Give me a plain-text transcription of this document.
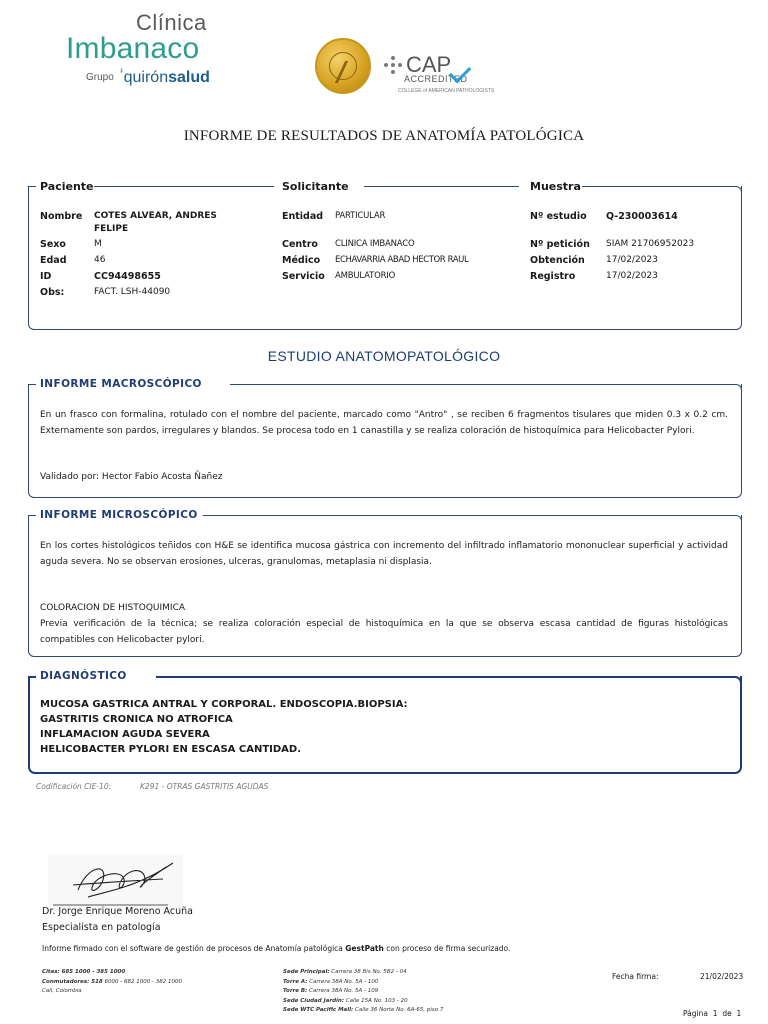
Clínica
Imbanaco
Grupo  ʻquirónsalud
CAP
ACCREDITED
COLLEGE of AMERICAN PATHOLOGISTS
INFORME DE RESULTADOS DE ANATOMÍA PATOLÓGICA
Paciente	Solicitante	Muestra
Nombre COTES ALVEAR, ANDRES
FELIPE
Sexo	M
Edad	46
ID	CC94498655
Obs:	FACT. LSH-44090
Entidad PARTICULAR
Centro CLINICA IMBANACO
Médico ECHAVARRIA ABAD HECTOR RAUL
Servicio AMBULATORIO
Nº estudio Q-230003614
Nº petición SIAM 21706952023
Obtención 17/02/2023
Registro	17/02/2023
ESTUDIO ANATOMOPATOLÓGICO
INFORME MACROSCÓPICO
En un frasco con formalina, rotulado con el nombre del paciente, marcado como "Antro" , se reciben 6 fragmentos tisulares que miden 0.3 x 0.2 cm. Externamente son pardos, irregulares y blandos. Se procesa todo en 1 canastilla y se realiza coloración de histoquímica para Helicobacter Pylori.
Validado por: Hector Fabio Acosta Ñañez
INFORME MICROSCÓPICO
En los cortes histológicos teñidos con H&E se identifica mucosa gástrica con incremento del infiltrado inflamatorio mononuclear superficial y actividad aguda severa. No se observan erosiones, ulceras, granulomas, metaplasia ni displasia.
COLORACION DE HISTOQUIMICA
Previa verificación de la técnica; se realiza coloración especial de histoquímica en la que se observa escasa cantidad de figuras histológicas compatibles con Helicobacter pylori.
DIAGNÓSTICO
MUCOSA GASTRICA ANTRAL Y CORPORAL. ENDOSCOPIA.BIOPSIA:
GASTRITIS CRONICA NO ATROFICA
INFLAMACION AGUDA SEVERA
HELICOBACTER PYLORI EN ESCASA CANTIDAD.
Codificación CIE-10:	K291 - OTRAS GASTRITIS AGUDAS
Dr. Jorge Enrique Moreno Acuña
Especialista en patología
Informe firmado con el software de gestión de procesos de Anatomía patológica GestPath con proceso de firma securizado.
Citas: 685 1000 - 385 1000
Conmutadores: 518 6000 - 682 1000 - 382 1000
Cali, Colombia
Sede Principal: Carrera 38 Bis No. 5B2 - 04
Torre A: Carrera 38A No. 5A - 100
Torre B: Carrera 38A No. 5A - 109
Sede Ciudad Jardín: Calle 15A No. 103 - 20
Sede WTC Pacific Mall: Calle 36 Norte No. 6A-65, piso 7
Fecha firma:	21/02/2023
Página 1 de 1
